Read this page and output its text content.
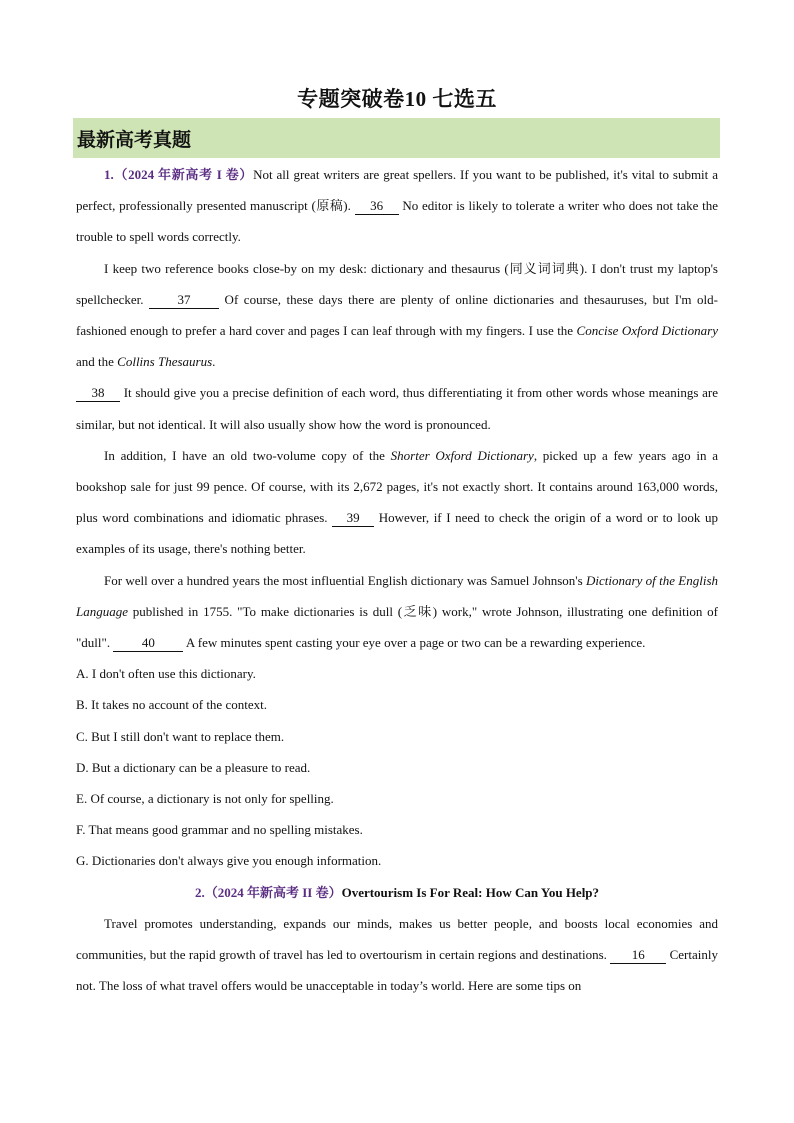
专题突破卷10 七选五
最新高考真题

1.（2024 年新高考 I 卷）Not all great writers are great spellers. If you want to be published, it's vital to submit a perfect, professionally presented manuscript (原稿). 36 No editor is likely to tolerate a writer who does not take the trouble to spell words correctly.

I keep two reference books close-by on my desk: dictionary and thesaurus (同义词词典). I don't trust my laptop's spellchecker. 37 Of course, these days there are plenty of online dictionaries and thesauruses, but I'm old-fashioned enough to prefer a hard cover and pages I can leaf through with my fingers. I use the Concise Oxford Dictionary and the Collins Thesaurus.

38 It should give you a precise definition of each word, thus differentiating it from other words whose meanings are similar, but not identical. It will also usually show how the word is pronounced.

In addition, I have an old two-volume copy of the Shorter Oxford Dictionary, picked up a few years ago in a bookshop sale for just 99 pence. Of course, with its 2,672 pages, it's not exactly short. It contains around 163,000 words, plus word combinations and idiomatic phrases. 39 However, if I need to check the origin of a word or to look up examples of its usage, there's nothing better.

For well over a hundred years the most influential English dictionary was Samuel Johnson's Dictionary of the English Language published in 1755. "To make dictionaries is dull (乏味) work," wrote Johnson, illustrating one definition of "dull". 40 A few minutes spent casting your eye over a page or two can be a rewarding experience.

A. I don't often use this dictionary.

B. It takes no account of the context.

C. But I still don't want to replace them.

D. But a dictionary can be a pleasure to read.

E. Of course, a dictionary is not only for spelling.

F. That means good grammar and no spelling mistakes.

G. Dictionaries don't always give you enough information.

2.（2024 年新高考 II 卷）Overtourism Is For Real: How Can You Help?

Travel promotes understanding, expands our minds, makes us better people, and boosts local economies and communities, but the rapid growth of travel has led to overtourism in certain regions and destinations. 16 Certainly not. The loss of what travel offers would be unacceptable in today’s world. Here are some tips on
